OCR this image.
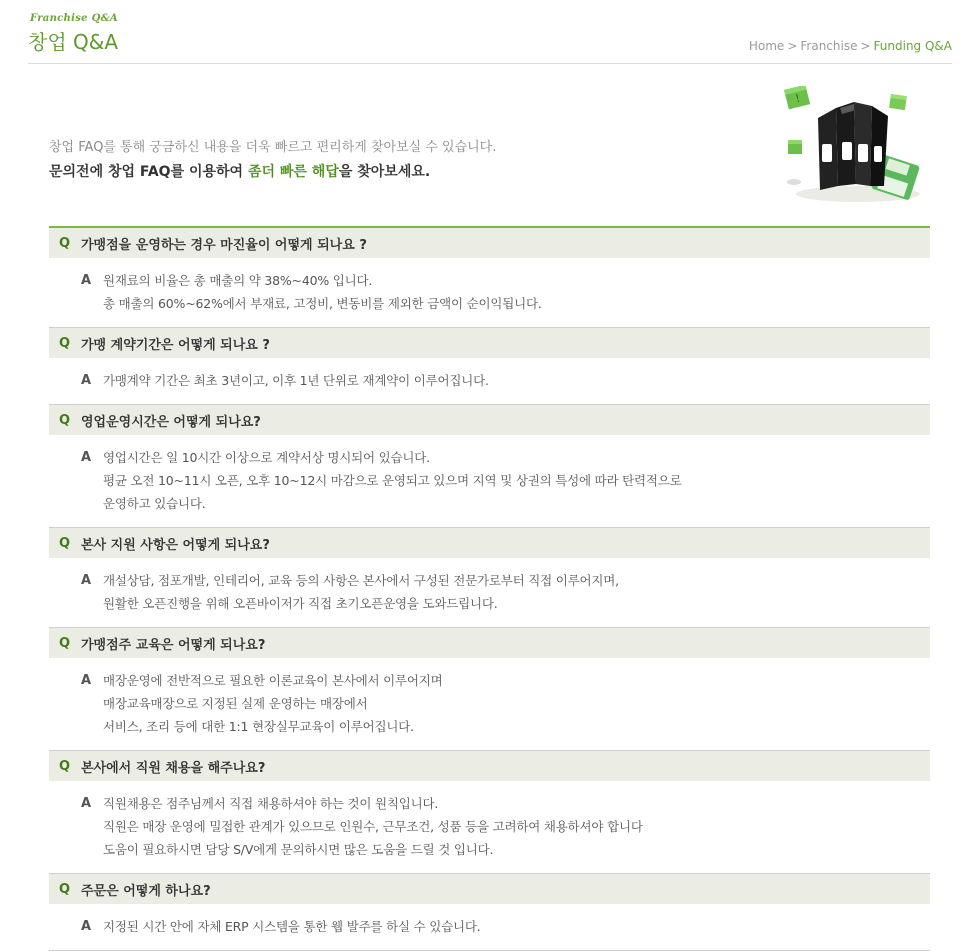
Franchise Q&A
창업 Q&A	Home > Franchise > Funding Q&A
창업 FAQ를 통해 궁금하신 내용을 더욱 빠르고 편리하게 찾아보실 수 있습니다.
문의전에 창업 FAQ를 이용하여 좀더 빠른 해답을 찾아보세요.
!
Q 가맹점을 운영하는 경우 마진율이 어떻게 되나요 ?
A 원재료의 비율은 총 매출의 약 38%~40% 입니다.
총 매출의 60%~62%에서 부재료, 고정비, 변동비를 제외한 금액이 순이익됩니다.
Q 가맹 계약기간은 어떻게 되나요 ?
A 가맹계약 기간은 최초 3년이고, 이후 1년 단위로 재계약이 이루어집니다.
Q 영업운영시간은 어떻게 되나요?
A 영업시간은 일 10시간 이상으로 계약서상 명시되어 있습니다.
평균 오전 10~11시 오픈, 오후 10~12시 마감으로 운영되고 있으며 지역 및 상권의 특성에 따라 탄력적으로
운영하고 있습니다.
Q 본사 지원 사항은 어떻게 되나요?
A 개설상담, 점포개발, 인테리어, 교육 등의 사항은 본사에서 구성된 전문가로부터 직접 이루어지며,
원활한 오픈진행을 위해 오픈바이저가 직접 초기오픈운영을 도와드립니다.
Q 가맹점주 교육은 어떻게 되나요?
A 매장운영에 전반적으로 필요한 이론교육이 본사에서 이루어지며
매장교육매장으로 지정된 실제 운영하는 매장에서
서비스, 조리 등에 대한 1:1 현장실무교육이 이루어집니다.
Q 본사에서 직원 채용을 해주나요?
A 직원채용은 점주님께서 직접 채용하셔야 하는 것이 원칙입니다.
직원은 매장 운영에 밀접한 관계가 있으므로 인원수, 근무조건, 성품 등을 고려하여 채용하셔야 합니다
도움이 필요하시면 담당 S/V에게 문의하시면 많은 도움을 드릴 것 입니다.
Q 주문은 어떻게 하나요?
A 지정된 시간 안에 자체 ERP 시스템을 통한 웹 발주를 하실 수 있습니다.
